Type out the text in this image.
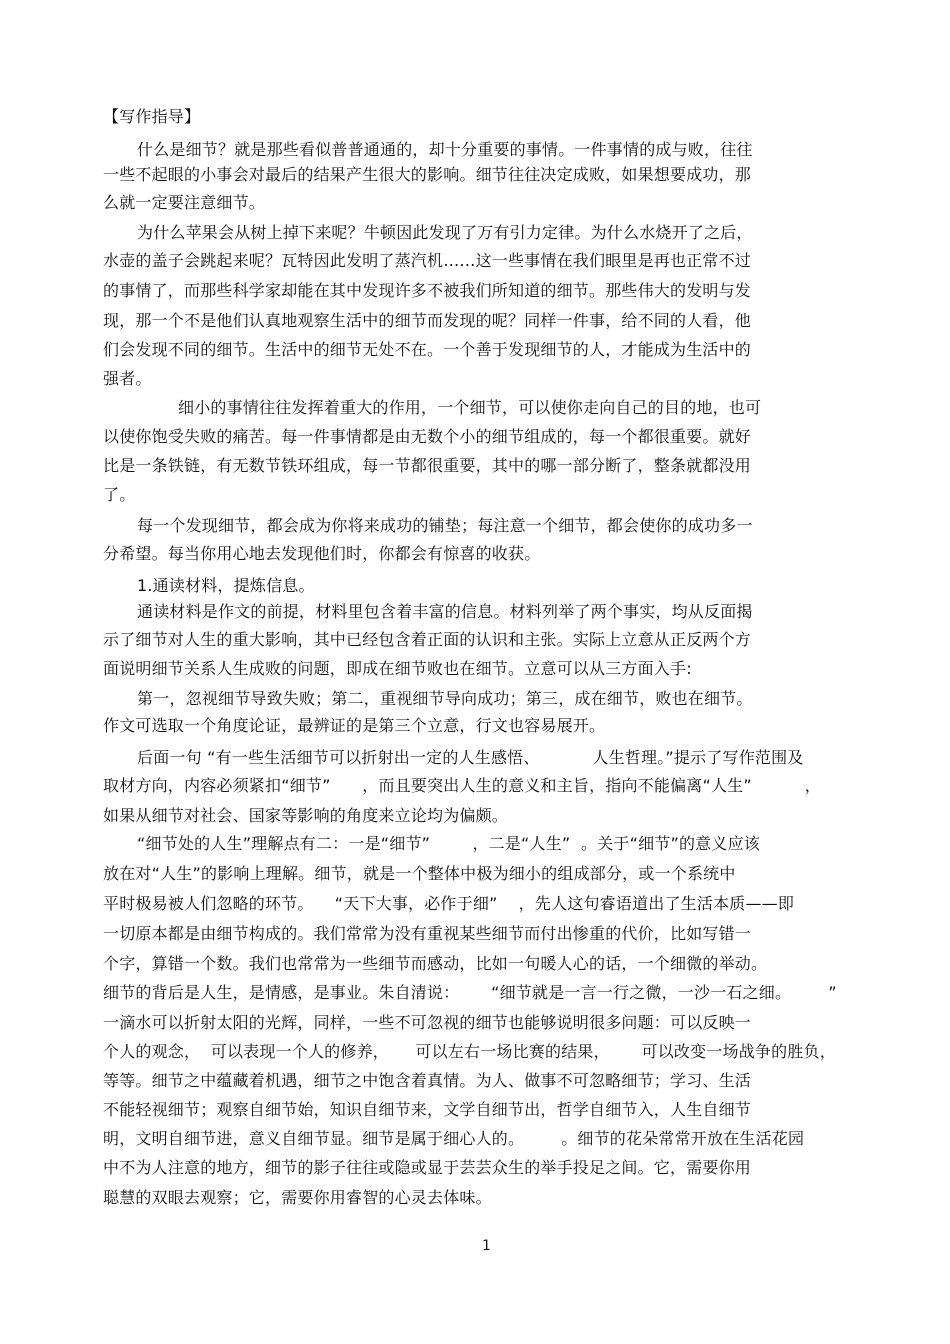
【写作指导】
什么是细节？就是那些看似普普通通的，却十分重要的事情。一件事情的成与败，往往
一些不起眼的小事会对最后的结果产生很大的影响。细节往往决定成败，如果想要成功，那
么就一定要注意细节。
为什么苹果会从树上掉下来呢？牛顿因此发现了万有引力定律。为什么水烧开了之后，
水壶的盖子会跳起来呢？瓦特因此发明了蒸汽机……这一些事情在我们眼里是再也正常不过
的事情了，而那些科学家却能在其中发现许多不被我们所知道的细节。那些伟大的发明与发
现，那一个不是他们认真地观察生活中的细节而发现的呢？同样一件事，给不同的人看，他
们会发现不同的细节。生活中的细节无处不在。一个善于发现细节的人，才能成为生活中的
强者。
细小的事情往往发挥着重大的作用，一个细节，可以使你走向自己的目的地，也可
以使你饱受失败的痛苦。每一件事情都是由无数个小的细节组成的，每一个都很重要。就好
比是一条铁链，有无数节铁环组成，每一节都很重要，其中的哪一部分断了，整条就都没用
了。
每一个发现细节，都会成为你将来成功的铺垫；每注意一个细节，都会使你的成功多一
分希望。每当你用心地去发现他们时，你都会有惊喜的收获。
1.通读材料，提炼信息。
通读材料是作文的前提，材料里包含着丰富的信息。材料列举了两个事实，均从反面揭
示了细节对人生的重大影响，其中已经包含着正面的认识和主张。实际上立意从正反两个方
面说明细节关系人生成败的问题，即成在细节败也在细节。立意可以从三方面入手:
第一，忽视细节导致失败；第二，重视细节导向成功；第三，成在细节，败也在细节。
作文可选取一个角度论证，最辨证的是第三个立意，行文也容易展开。
后面一句 “有一些生活细节可以折射出一定的人生感悟、          人生哲理。”提示了写作范围及
取材方向，内容必须紧扣“细节”      ，而且要突出人生的意义和主旨，指向不能偏离“人生”          ，
如果从细节对社会、国家等影响的角度来立论均为偏颇。
“细节处的人生”理解点有二：一是“细节”        ，二是“人生”  。关于“细节”的意义应该
放在对“人生”的影响上理解。细节，就是一个整体中极为细小的组成部分，或一个系统中
平时极易被人们忽略的环节。    “天下大事，必作于细”    ，先人这句睿语道出了生活本质——即
一切原本都是由细节构成的。我们常常为没有重视某些细节而付出惨重的代价，比如写错一
个字，算错一个数。我们也常常为一些细节而感动，比如一句暖人心的话，一个细微的举动。
细节的背后是人生，是情感，是事业。朱自清说：      “细节就是一言一行之微，一沙一石之细。       ”
一滴水可以折射太阳的光辉，同样，一些不可忽视的细节也能够说明很多问题：可以反映一
个人的观念，  可以表现一个人的修养，     可以左右一场比赛的结果，      可以改变一场战争的胜负，
等等。细节之中蕴藏着机遇，细节之中饱含着真情。为人、做事不可忽略细节；学习、生活
不能轻视细节；观察自细节始，知识自细节来，文学自细节出，哲学自细节入，人生自细节
明，文明自细节进，意义自细节显。细节是属于细心人的。       。细节的花朵常常开放在生活花园
中不为人注意的地方，细节的影子往往或隐或显于芸芸众生的举手投足之间。它，需要你用
聪慧的双眼去观察；它，需要你用睿智的心灵去体味。
1
